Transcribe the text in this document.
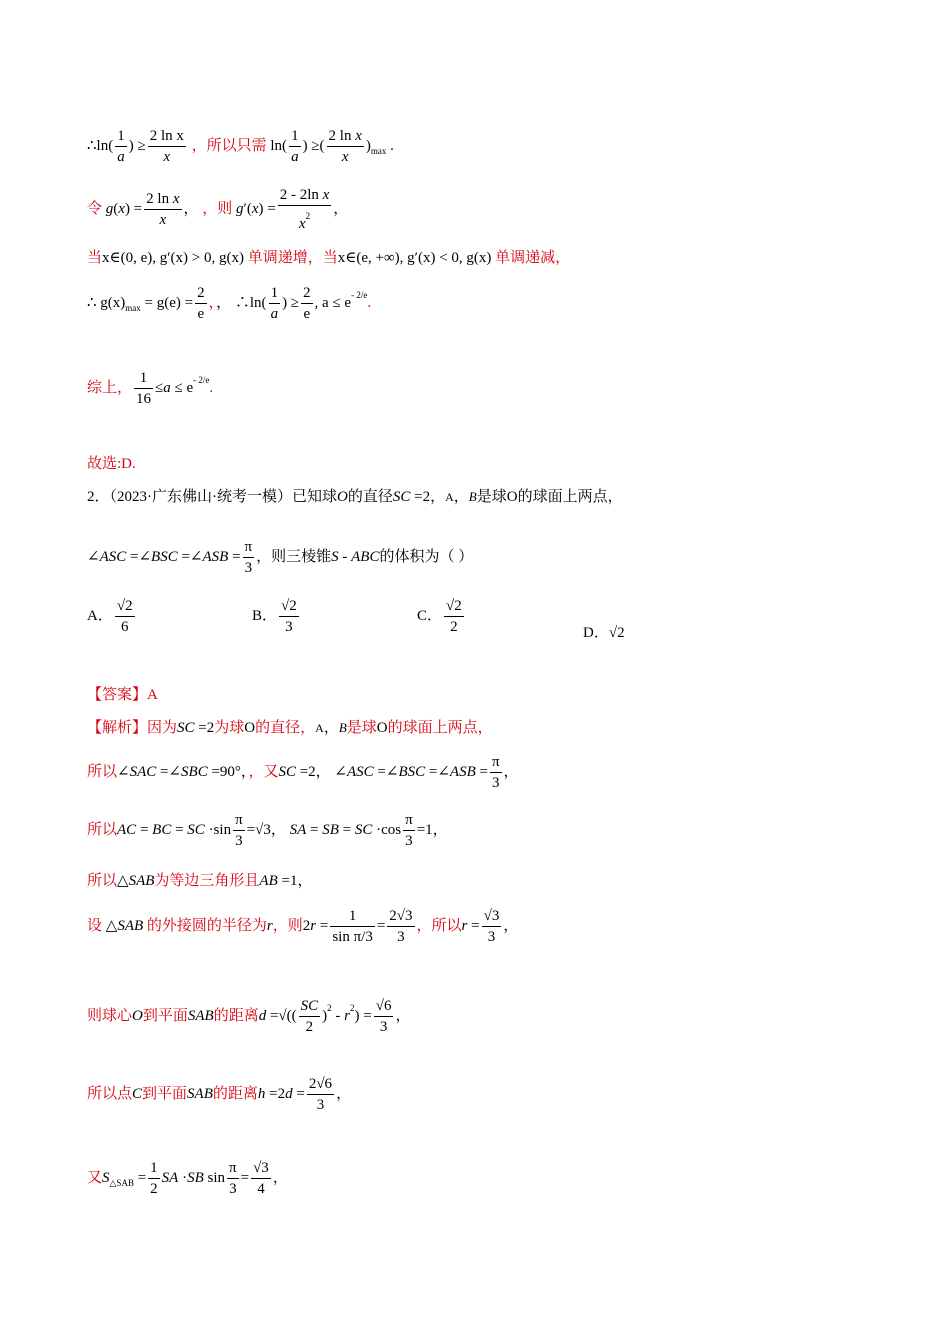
∴ln( $\frac{1}{a}$ ) ≥ $\frac{\text{2 ln x}}{x}$ ，所以只需 $\ln( \frac{1}{a}$ ) ≥( $\frac{\text{2 ln x}}{x} )_{max}$ .
令 $g(x) = \frac{\text{2 ln x}}{x}$ ， ，则 $g'(x) = \frac{\text{2 - 2ln x}}{x^2}$ ，
当x∈(0, e), g′(x) > 0, g(x) 单调递增，当x∈(e, +∞), g′(x) < 0, g(x) 单调递减，
∴ $g(x)_{max} = g(e) = \frac{2}{e}$ ，， ∴ln( $\frac{1}{a}$ ) ≥ $\frac{2}{e}$ , $a \le e^{- 2/e}$.
综上， $\frac{1}{16} \le a \le e^{- 2/e}$.
故选:D.
2．（2023·广东佛山·统考一模）已知球O的直径SC =2，A，B是球O的球面上两点，
∠ASC =∠BSC =∠ASB = $\frac{\pi}{3}$ ，则三棱锥S - ABC的体积为（ ）
A． $\frac{√2}{6}$	B． $\frac{√2}{3}$	C． $\frac{√2}{2}$	D．√2
【答案】A
【解析】因为SC =2为球O的直径，A，B是球O的球面上两点，
所以∠SAC =∠SBC =90°，，又SC =2， ∠ASC =∠BSC =∠ASB = $\frac{\pi}{3}$ ，
所以AC = BC = SC $\cdot\sin \frac{\pi}{3} =√3$， SA = SB = SC $\cdot\cos \frac{\pi}{3} =1$，
所以△SAB为等边三角形且AB =1，
设 △SAB 的外接圆的半径为r，则$2r = \frac{1}{\text{sin π/3}} = \frac{2√3}{3}$ ，所以$r = \frac{√3}{3}$ ，
则球心O到平面SAB的距离d =√(( $\frac{SC}{2} )^2 - r^2) = \frac{√6}{3}$ ，
所以点C到平面SAB的距离$h =2d = \frac{2√6}{3}$ ，
又$S_{\triangle SAB} = \frac{1}{2}$ SA ·SB $\sin \frac{\pi}{3} = \frac{√3}{4}$ ，
